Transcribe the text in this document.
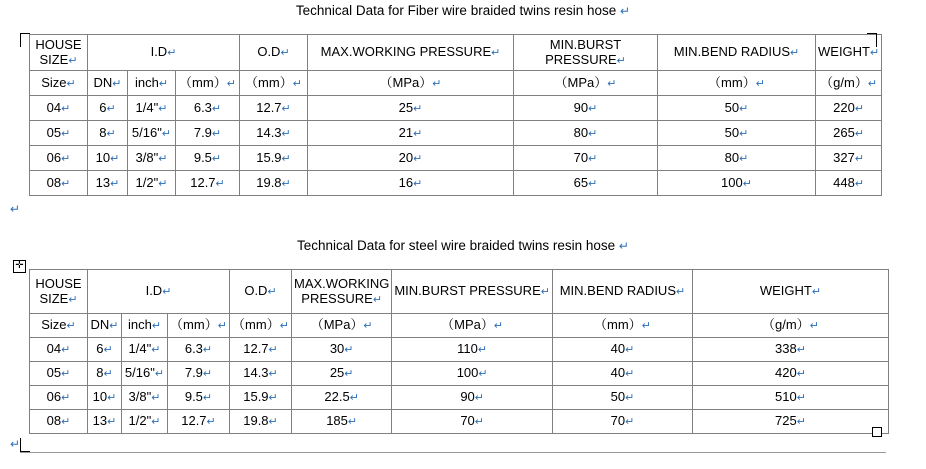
Technical Data for Fiber wire braided twins resin hose ↵
HOUSE SIZE↵	I.D↵			O.D↵	MAX.WORKING PRESSURE↵	MIN.BURST PRESSURE↵	MIN.BEND RADIUS↵	WEIGHT↵
Size↵	DN↵	inch↵	（mm）↵	（mm）↵	（MPa）↵	（MPa）↵	（mm）↵	（g/m）↵
04↵	6↵	1/4"↵	6.3↵	12.7↵	25↵	90↵	50↵	220↵
05↵	8↵	5/16"↵	7.9↵	14.3↵	21↵	80↵	50↵	265↵
06↵	10↵	3/8"↵	9.5↵	15.9↵	20↵	70↵	80↵	327↵
08↵	13↵	1/2"↵	12.7↵	19.8↵	16↵	65↵	100↵	448↵
↵
Technical Data for steel wire braided twins resin hose ↵
✛
HOUSE SIZE↵	I.D↵			O.D↵	MAX.WORKING PRESSURE↵	MIN.BURST PRESSURE↵	MIN.BEND RADIUS↵	WEIGHT↵
Size↵	DN↵	inch↵	（mm）↵	（mm）↵	（MPa）↵	（MPa）↵	（mm）↵	（g/m）↵
04↵	6↵	1/4"↵	6.3↵	12.7↵	30↵	110↵	40↵	338↵
05↵	8↵	5/16"↵	7.9↵	14.3↵	25↵	100↵	40↵	420↵
06↵	10↵	3/8"↵	9.5↵	15.9↵	22.5↵	90↵	50↵	510↵
08↵	13↵	1/2"↵	12.7↵	19.8↵	185↵	70↵	70↵	725↵
↵
